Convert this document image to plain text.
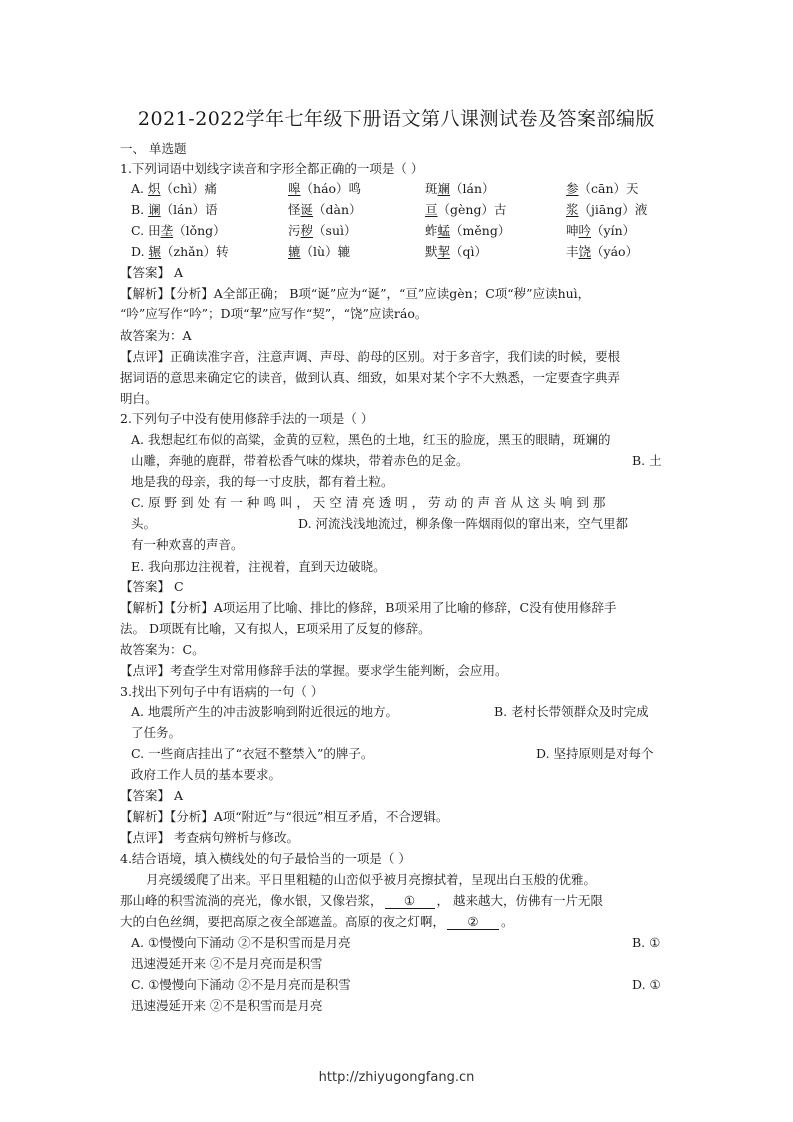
2021-2022学年七年级下册语文第八课测试卷及答案部编版
一、 单选题
1.下列词语中划线字读音和字形全都正确的一项是（ ）
A. 炽（chì）痛	嗥（háo）鸣	斑斓（lán）	参（cān）天
B. 谰（lán）语	怪诞（dàn）	亘（gèng）古	浆（jiāng）液
C. 田垄（lǒng）	污秽（suì）	蚱蜢（měng）	呻吟（yín）
D. 辗（zhǎn）转	辘（lù）辘	默挈（qì）	丰饶（yáo）
【答案】 A
【解析】【分析】A全部正确； B项“诞”应为“诞”，“亘”应读gèn；C项“秽”应读huì，
“吟”应写作“吟”；D项“挈”应写作“契”，“饶”应读ráo。
故答案为：A
【点评】正确读准字音，注意声调、声母、韵母的区别。对于多音字，我们读的时候，要根
据词语的意思来确定它的读音，做到认真、细致，如果对某个字不大熟悉，一定要查字典弄
明白。
2.下列句子中没有使用修辞手法的一项是（ ）
A. 我想起红布似的高粱，金黄的豆粒，黑色的土地，红玉的脸庞，黑玉的眼睛，斑斓的
山雕，奔驰的鹿群，带着松香气味的煤块，带着赤色的足金。	B. 土
地是我的母亲，我的每一寸皮肤，都有着土粒。
C. 原 野 到 处 有 一 种 鸣 叫 ， 天 空 清 亮 透 明 ， 劳 动 的 声 音 从 这 头 响 到 那
头。	D. 河流浅浅地流过，柳条像一阵烟雨似的窜出来，空气里都
有一种欢喜的声音。
E. 我向那边注视着，注视着，直到天边破晓。
【答案】 C
【解析】【分析】A项运用了比喻、排比的修辞，B项采用了比喻的修辞，C没有使用修辞手
法。 D项既有比喻，又有拟人，E项采用了反复的修辞。
故答案为：C。
【点评】考查学生对常用修辞手法的掌握。要求学生能判断，会应用。
3.找出下列句子中有语病的一句（ ）
A. 地震所产生的冲击波影响到附近很远的地方。	B. 老村长带领群众及时完成
了任务。
C. 一些商店挂出了“衣冠不整禁入”的牌子。	D. 坚持原则是对每个
政府工作人员的基本要求。
【答案】 A
【解析】【分析】A项“附近”与“很远”相互矛盾，不合逻辑。
【点评】 考查病句辨析与修改。
4.结合语境，填入横线处的句子最恰当的一项是（ ）
月亮缓缓爬了出来。平日里粗糙的山峦似乎被月亮擦拭着，呈现出白玉般的优雅。
那山峰的积雪流淌的亮光，像水银，又像岩浆， ① ， 越来越大，仿佛有一片无限
大的白色丝绸，要把高原之夜全部遮盖。高原的夜之灯啊， ② 。
A. ①慢慢向下涌动 ②不是积雪而是月亮	B. ①
迅速漫延开来 ②不是月亮而是积雪
C. ①慢慢向下涌动 ②不是月亮而是积雪	D. ①
迅速漫延开来 ②不是积雪而是月亮
http://zhiyugongfang.cn
